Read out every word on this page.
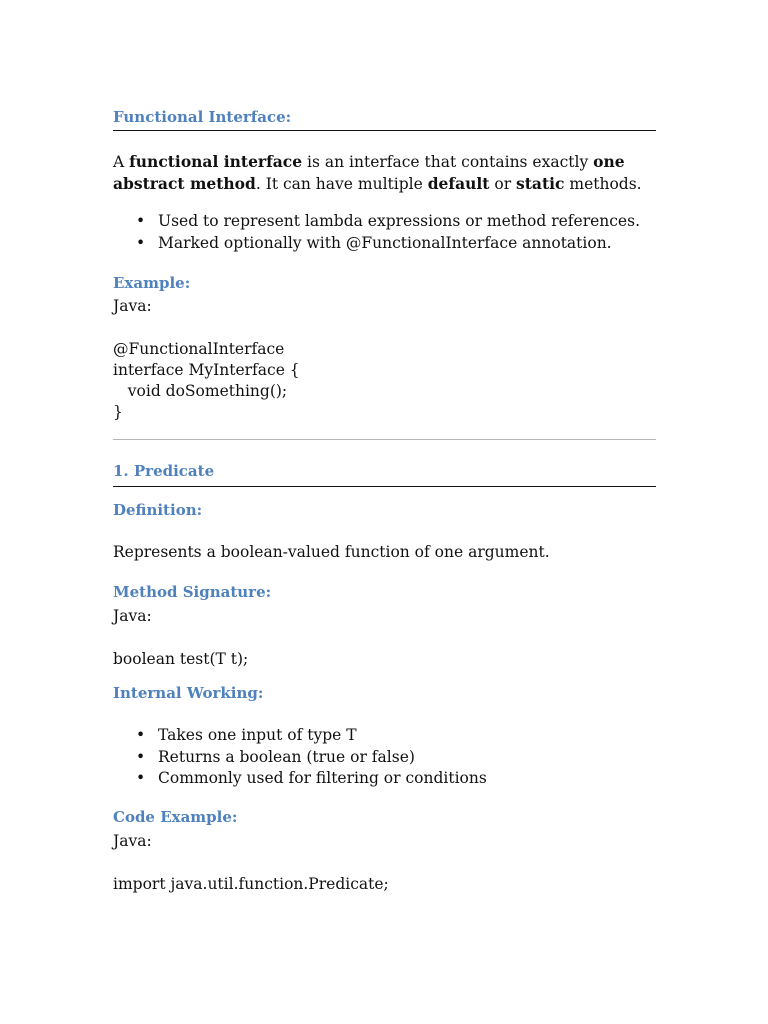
Functional Interface:
A functional interface is an interface that contains exactly one
abstract method. It can have multiple default or static methods.
• Used to represent lambda expressions or method references.
• Marked optionally with @FunctionalInterface annotation.
Example:
Java:
@FunctionalInterface
interface MyInterface {
void doSomething();
}
1. Predicate
Definition:
Represents a boolean-valued function of one argument.
Method Signature:
Java:
boolean test(T t);
Internal Working:
• Takes one input of type T
• Returns a boolean (true or false)
• Commonly used for filtering or conditions
Code Example:
Java:
import java.util.function.Predicate;
